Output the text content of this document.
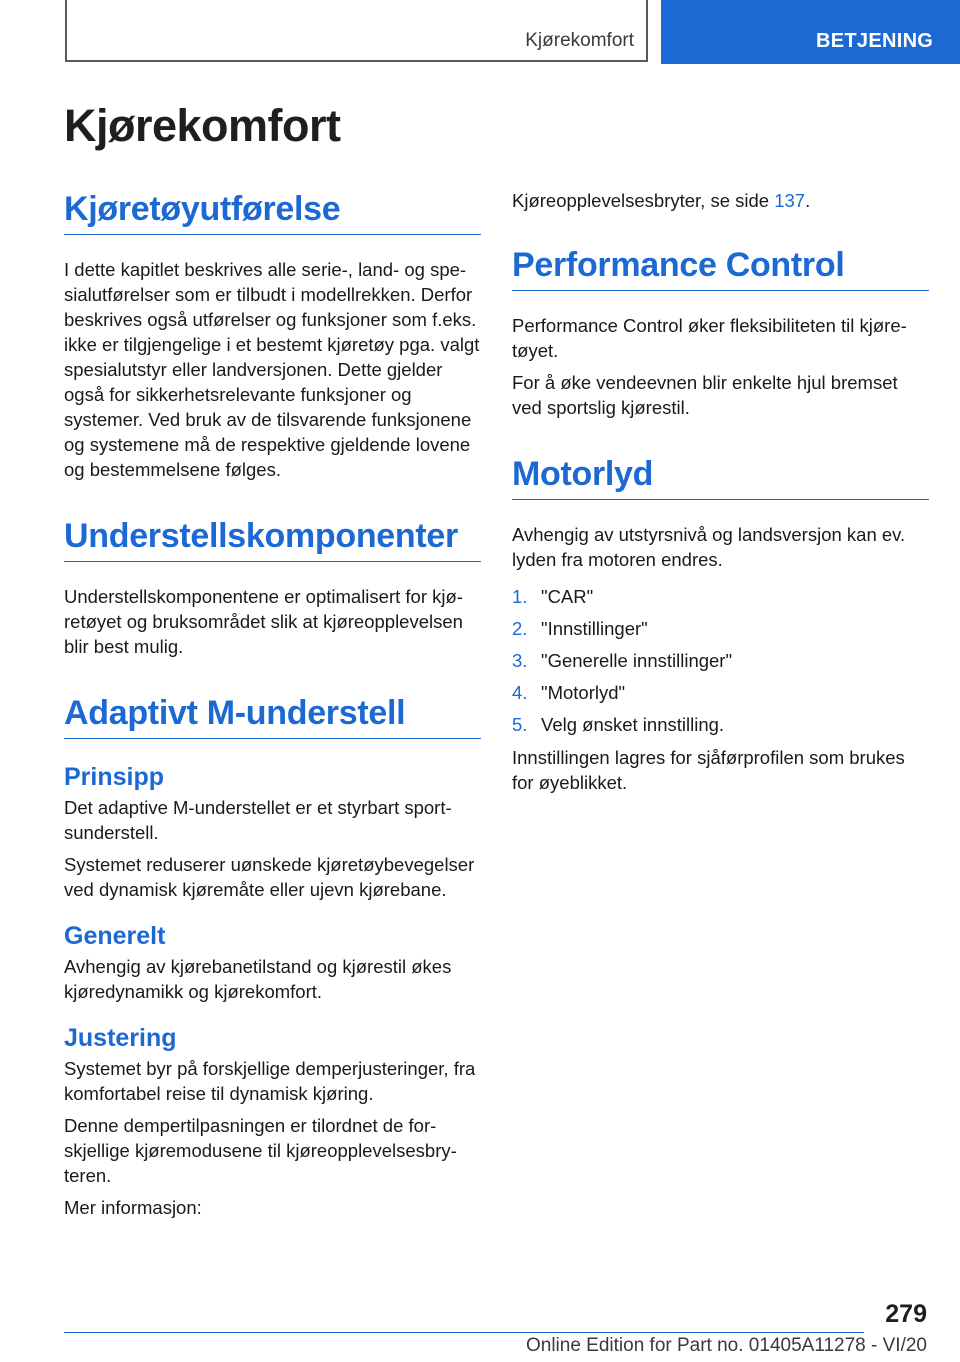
Kjørekomfort	BETJENING
Kjørekomfort
Kjøretøyutførelse

I dette kapitlet beskrives alle serie-, land- og spesialutførelser som er tilbudt i modellrekken. Derfor beskrives også utførelser og funksjoner som f.eks. ikke er tilgjengelige i et bestemt kjøretøy pga. valgt spesialutstyr eller landversjonen. Dette gjelder også for sikkerhetsrelevante funksjoner og systemer. Ved bruk av de tilsvarende funksjonene og systemene må de respektive gjeldende lovene og bestemmelsene følges.

Understellskomponenter

Understellskomponentene er optimalisert for kjøretøyet og bruksområdet slik at kjøreopplevelsen blir best mulig.

Adaptivt M-understell
Prinsipp

Det adaptive M-understellet er et styrbart sportsunderstell.

Systemet reduserer uønskede kjøretøybevegelser ved dynamisk kjøremåte eller ujevn kjørebane.

Generelt

Avhengig av kjørebanetilstand og kjørestil økes kjøredynamikk og kjørekomfort.

Justering

Systemet byr på forskjellige demperjusteringer, fra komfortabel reise til dynamisk kjøring.

Denne dempertilpasningen er tilordnet de forskjellige kjøremodusene til kjøreopplevelsesbryteren.

Mer informasjon:

Kjøreopplevelsesbryter, se side 137.

Performance Control

Performance Control øker fleksibiliteten til kjøretøyet.

For å øke vendeevnen blir enkelte hjul bremset ved sportslig kjørestil.

Motorlyd

Avhengig av utstyrsnivå og landsversjon kan ev. lyden fra motoren endres.

1. "CAR"
2. "Innstillinger"
3. "Generelle innstillinger"
4. "Motorlyd"
5. Velg ønsket innstilling.

Innstillingen lagres for sjåførprofilen som brukes for øyeblikket.

279
Online Edition for Part no. 01405A11278 - VI/20
